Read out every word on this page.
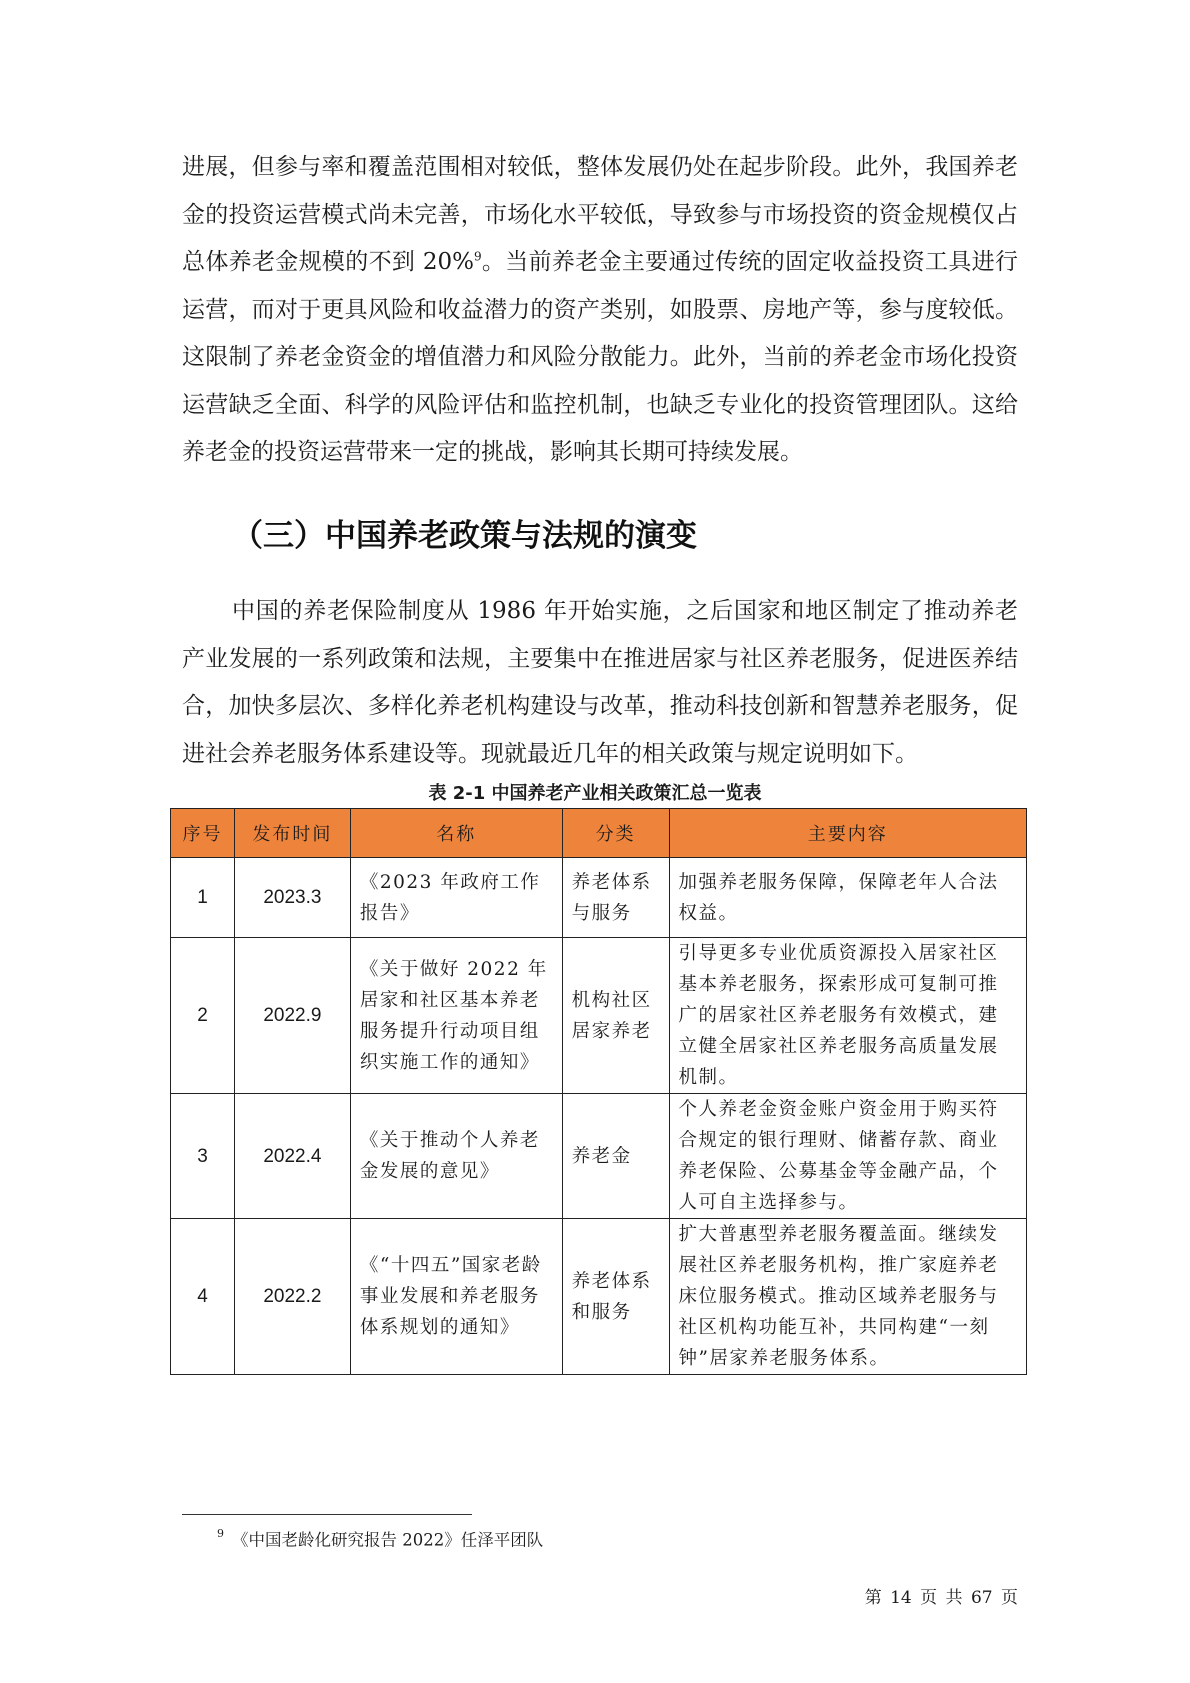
进展，但参与率和覆盖范围相对较低，整体发展仍处在起步阶段。此外，我国养老金的投资运营模式尚未完善，市场化水平较低，导致参与市场投资的资金规模仅占总体养老金规模的不到 20%$^9$。当前养老金主要通过传统的固定收益投资工具进行运营，而对于更具风险和收益潜力的资产类别，如股票、房地产等，参与度较低。这限制了养老金资金的增值潜力和风险分散能力。此外，当前的养老金市场化投资运营缺乏全面、科学的风险评估和监控机制，也缺乏专业化的投资管理团队。这给养老金的投资运营带来一定的挑战，影响其长期可持续发展。

（三）中国养老政策与法规的演变

中国的养老保险制度从 1986 年开始实施，之后国家和地区制定了推动养老产业发展的一系列政策和法规，主要集中在推进居家与社区养老服务，促进医养结合，加快多层次、多样化养老机构建设与改革，推动科技创新和智慧养老服务，促进社会养老服务体系建设等。现就最近几年的相关政策与规定说明如下。

表 2-1 中国养老产业相关政策汇总一览表

序号	发布时间	名称	分类	主要内容
1	2023.3	《2023 年政府工作报告》	养老体系与服务	加强养老服务保障，保障老年人合法权益。
2	2022.9	《关于做好 2022 年居家和社区基本养老服务提升行动项目组织实施工作的通知》	机构社区居家养老	引导更多专业优质资源投入居家社区基本养老服务，探索形成可复制可推广的居家社区养老服务有效模式，建立健全居家社区养老服务高质量发展机制。
3	2022.4	《关于推动个人养老金发展的意见》	养老金	个人养老金资金账户资金用于购买符合规定的银行理财、储蓄存款、商业养老保险、公募基金等金融产品，个人可自主选择参与。
4	2022.2	《“十四五”国家老龄事业发展和养老服务体系规划的通知》	养老体系和服务	扩大普惠型养老服务覆盖面。继续发展社区养老服务机构，推广家庭养老床位服务模式。推动区域养老服务与社区机构功能互补，共同构建“一刻钟”居家养老服务体系。

$^9$ 《中国老龄化研究报告 2022》任泽平团队

第 14 页 共 67 页
